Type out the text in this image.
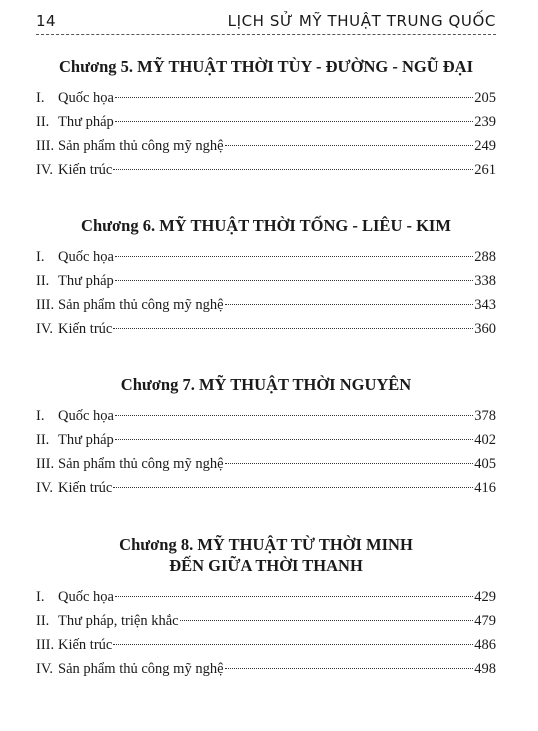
14	LỊCH SỬ MỸ THUẬT TRUNG QUỐC
Chương 5. MỸ THUẬT THỜI TÙY - ĐƯỜNG - NGŨ ĐẠI
I. Quốc họa	205
II. Thư pháp	239
III. Sản phẩm thủ công mỹ nghệ	249
IV. Kiến trúc	261
Chương 6. MỸ THUẬT THỜI TỐNG - LIÊU - KIM
I. Quốc họa	288
II. Thư pháp	338
III. Sản phẩm thủ công mỹ nghệ	343
IV. Kiến trúc	360
Chương 7. MỸ THUẬT THỜI NGUYÊN
I. Quốc họa	378
II. Thư pháp	402
III. Sản phẩm thủ công mỹ nghệ	405
IV. Kiến trúc	416
Chương 8. MỸ THUẬT TỪ THỜI MINH
ĐẾN GIỮA THỜI THANH
I. Quốc họa	429
II. Thư pháp, triện khắc	479
III. Kiến trúc	486
IV. Sản phẩm thủ công mỹ nghệ	498
